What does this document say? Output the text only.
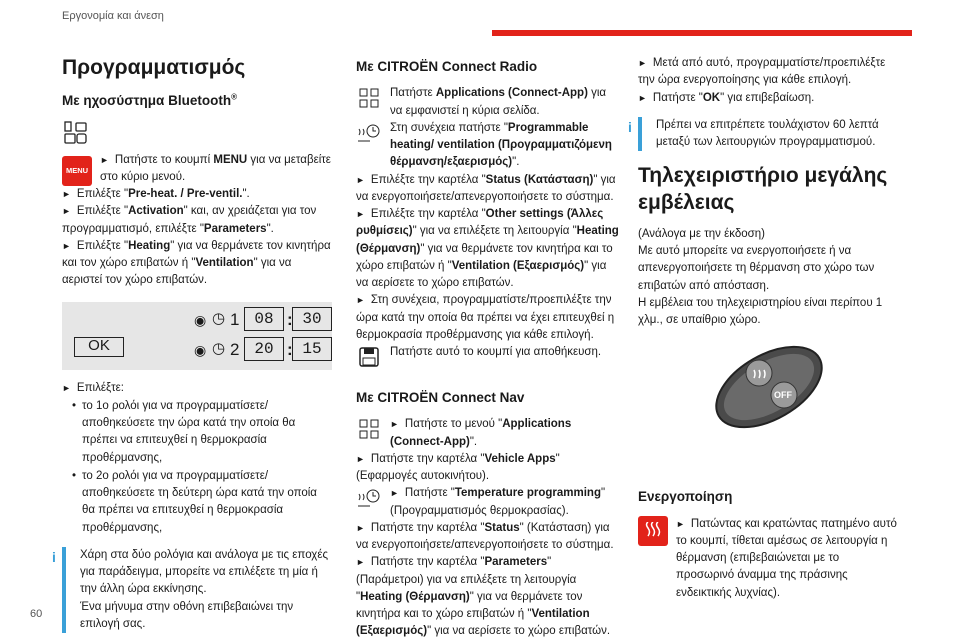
Εργονομία και άνεση
60
Προγραμματισμός
Με ηχοσύστημα Bluetooth®
MENU

► Πατήστε το κουμπί MENU για να μεταβείτε στο κύριο μενού.

► Επιλέξτε "Pre-heat. / Pre-ventil.".

► Επιλέξτε "Activation" και, αν χρειάζεται για τον προγραμματισμό, επιλέξτε "Parameters".

► Επιλέξτε "Heating" για να θερμάνετε τον κινητήρα και τον χώρο επιβατών ή "Ventilation" για να αεριστεί τον χώρο επιβατών.

◉ ◷ 1 08 : 30
OK	◉ ◷ 2 20 : 15

► Επιλέξτε:

• το 1ο ρολόι για να προγραμματίσετε/αποθηκεύσετε την ώρα κατά την οποία θα πρέπει να επιτευχθεί η θερμοκρασία προθέρμανσης,

• το 2ο ρολόι για να προγραμματίσετε/αποθηκεύσετε τη δεύτερη ώρα κατά την οποία θα πρέπει να επιτευχθεί η θερμοκρασία προθέρμανσης,

i Χάρη στα δύο ρολόγια και ανάλογα με τις εποχές για παράδειγμα, μπορείτε να επιλέξετε τη μία ή την άλλη ώρα εκκίνησης.

Ένα μήνυμα στην οθόνη επιβεβαιώνει την επιλογή σας.

Με CITROËN Connect Radio

Πατήστε Applications (Connect-App) για να εμφανιστεί η κύρια σελίδα.

Στη συνέχεια πατήστε "Programmable heating/ ventilation (Προγραμματιζόμενη θέρμανση/εξαερισμός)".

► Επιλέξτε την καρτέλα "Status (Κατάσταση)" για να ενεργοποιήσετε/απενεργοποιήσετε το σύστημα.

► Επιλέξτε την καρτέλα "Other settings (Άλλες ρυθμίσεις)" για να επιλέξετε τη λειτουργία "Heating (Θέρμανση)" για να θερμάνετε τον κινητήρα και το χώρο επιβατών ή "Ventilation (Εξαερισμός)" για να αερίσετε το χώρο επιβατών.

► Στη συνέχεια, προγραμματίστε/προεπιλέξτε την ώρα κατά την οποία θα πρέπει να έχει επιτευχθεί η θερμοκρασία προθέρμανσης για κάθε επιλογή.

Πατήστε αυτό το κουμπί για αποθήκευση.

Με CITROËN Connect Nav

► Πατήστε το μενού "Applications (Connect-App)".

► Πατήστε την καρτέλα "Vehicle Apps" (Εφαρμογές αυτοκινήτου).

► Πατήστε "Temperature programming" (Προγραμματισμός θερμοκρασίας).

► Πατήστε την καρτέλα "Status" (Κατάσταση) για να ενεργοποιήσετε/απενεργοποιήσετε το σύστημα.

► Πατήστε την καρτέλα "Parameters" (Παράμετροι) για να επιλέξετε τη λειτουργία "Heating (Θέρμανση)" για να θερμάνετε τον κινητήρα και το χώρο επιβατών ή "Ventilation (Εξαερισμός)" για να αερίσετε το χώρο επιβατών.

► Μετά από αυτό, προγραμματίστε/προεπιλέξτε την ώρα ενεργοποίησης για κάθε επιλογή.

► Πατήστε "OK" για επιβεβαίωση.

i Πρέπει να επιτρέπετε τουλάχιστον 60 λεπτά μεταξύ των λειτουργιών προγραμματισμού.

Τηλεχειριστήριο μεγάλης εμβέλειας

(Ανάλογα με την έκδοση)

Με αυτό μπορείτε να ενεργοποιήσετε ή να απενεργοποιήσετε τη θέρμανση στο χώρο των επιβατών από απόσταση.

Η εμβέλεια του τηλεχειριστηρίου είναι περίπου 1 χλμ., σε υπαίθριο χώρο.

OFF
Ενεργοποίηση

► Πατώντας και κρατώντας πατημένο αυτό το κουμπί, τίθεται αμέσως σε λειτουργία η θέρμανση (επιβεβαιώνεται με το προσωρινό άναμμα της πράσινης ενδεικτικής λυχνίας).
